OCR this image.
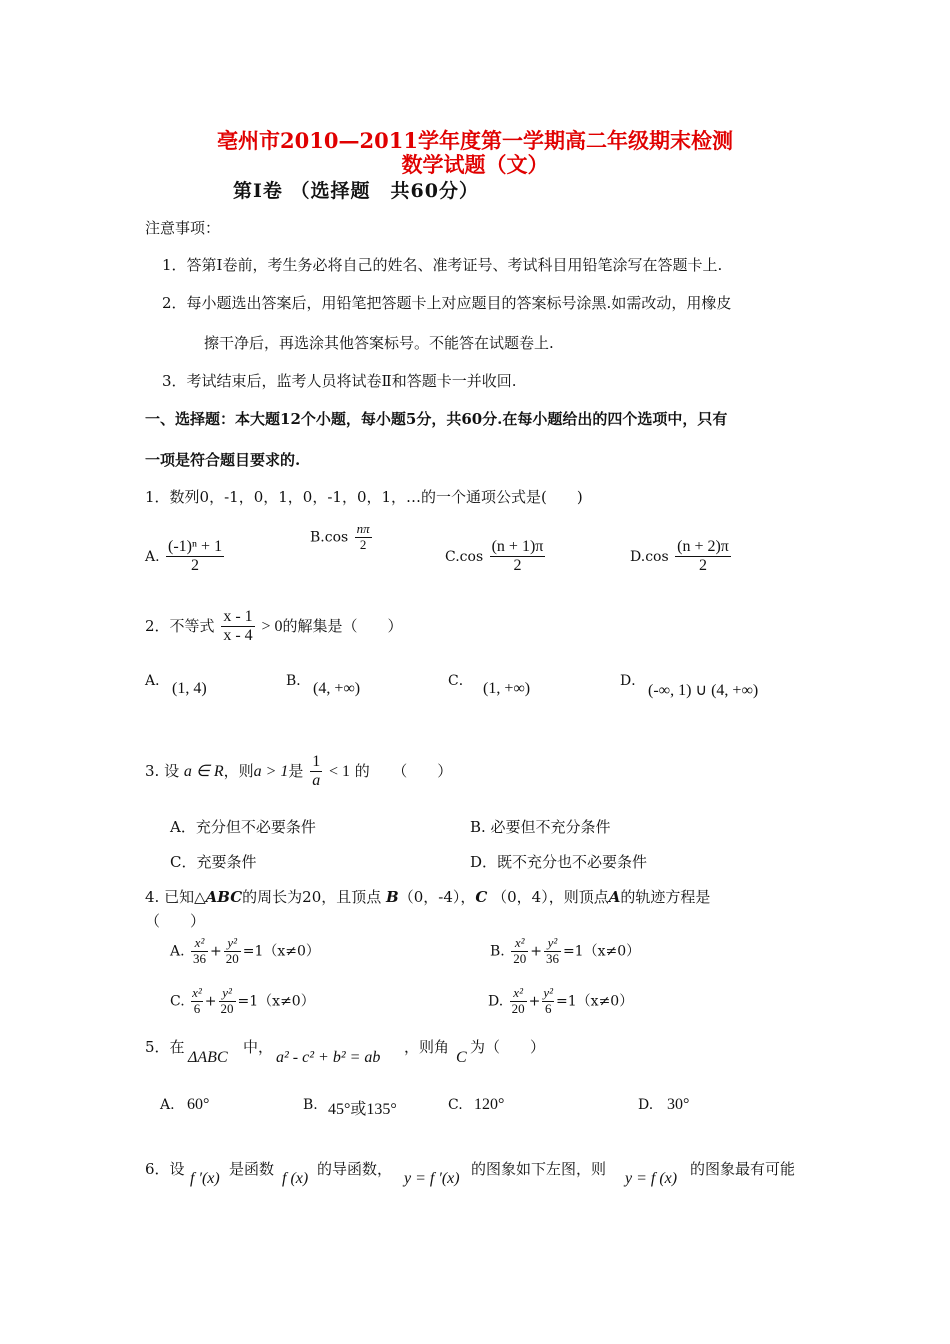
亳州市2010—2011学年度第一学期高二年级期末检测
数学试题（文）
第Ⅰ卷 （选择题　共60分）
注意事项：
1．答第Ⅰ卷前，考生务必将自己的姓名、准考证号、考试科目用铅笔涂写在答题卡上.
2．每小题选出答案后，用铅笔把答题卡上对应题目的答案标号涂黑.如需改动，用橡皮
擦干净后，再选涂其他答案标号。不能答在试题卷上.
3．考试结束后，监考人员将试卷Ⅱ和答题卡一并收回.
一、选择题：本大题12个小题，每小题5分，共60分.在每小题给出的四个选项中，只有
一项是符合题目要求的.
1．数列0，-1，0，1，0，-1，0，1，…的一个通项公式是(　　)
A. $\frac{\text{(-1)ⁿ + 1}}{2}$
$B.\cos \frac{n\pi}{2}$
$C.\cos \frac{(n + 1)\pi}{2}$	$D.\cos \frac{(n + 2)\pi}{2}$
2．不等式 $\frac{x - 1}{x - 4} > 0$的解集是（　　）
A． (1, 4)	B． (4, +∞)	C． (1, +∞)	D．
(-∞, 1) ∪ (4, +∞)
3. 设 a ∈ R，则a > 1是 $\frac{1}{a} < 1$ 的　　（　　）
A．充分但不必要条件	B. 必要但不充分条件
C．充要条件	D．既不充分也不必要条件
4. 已知△ABC的周长为20，且顶点 B（0，-4），C （0，4），则顶点A的轨迹方程是
（　　）
A. $\frac{\text{x²}}{36} + \frac{\text{y²}}{20} =1(x\ne 0)$	B. $\frac{\text{x²}}{20} + \frac{\text{y²}}{36} =1(x\ne 0)$
C. $\frac{\text{x²}}{6} + \frac{\text{y²}}{20} =1(x\ne 0)$	D. $\frac{\text{x²}}{20} + \frac{\text{y²}}{6} =1(x\ne 0)$
5．在
ΔABC
中，
a² - c² + b² = ab
，则角
C
为（　　）
A. 60°	B. 45°或135°	C. 120°	D. 30°
6．设
f ′(x)
是函数
f (x)
的导函数，
y = f ′(x)
的图象如下左图，则
y = f (x)
的图象最有可能
